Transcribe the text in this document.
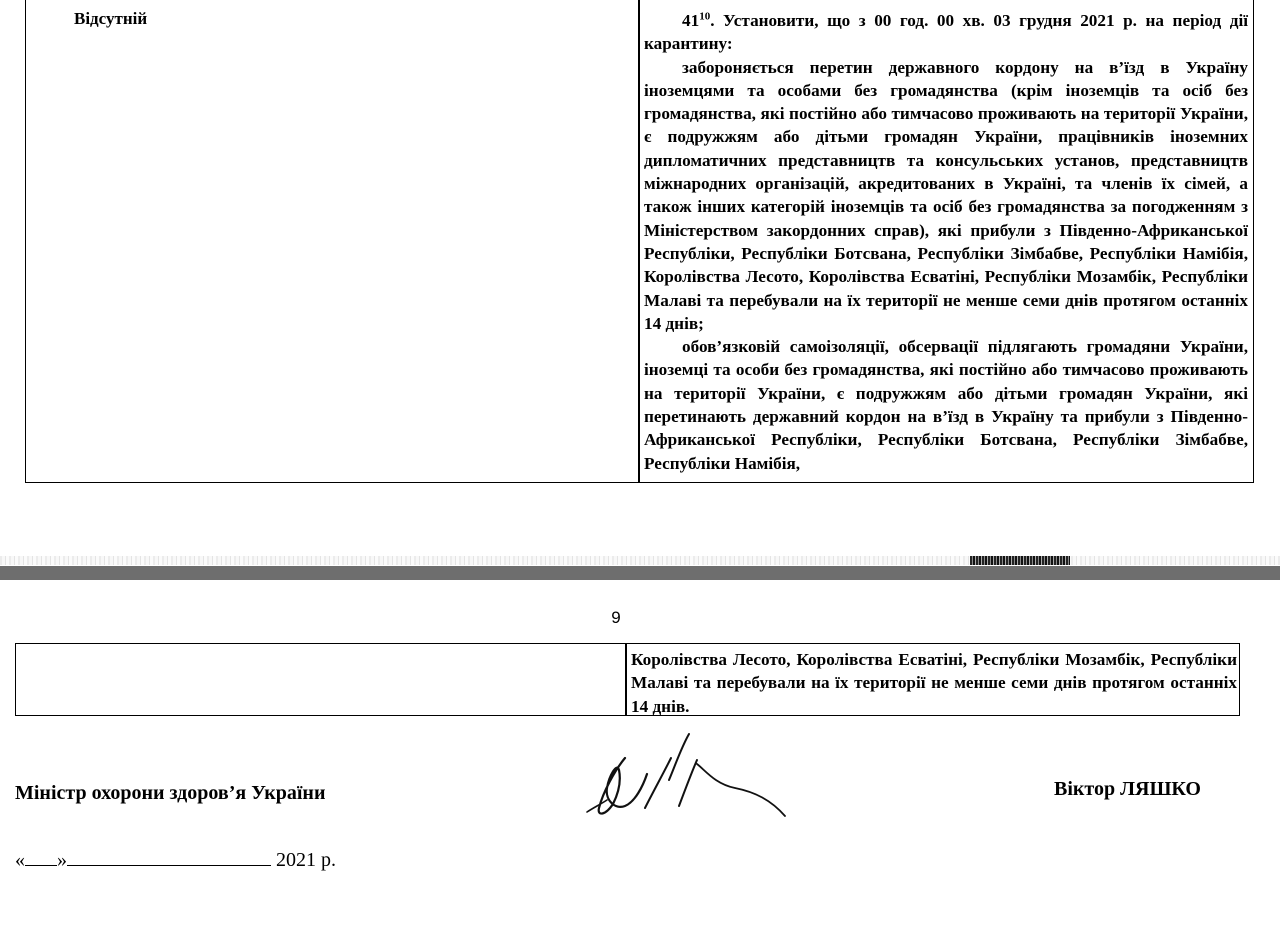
Відсутній	$41^{10}$. Установити, що з 00 год. 00 хв. 03 грудня 2021 р. на період дії карантину:

забороняється перетин державного кордону на в’їзд в Україну іноземцями та особами без громадянства (крім іноземців та осіб без громадянства, які постійно або тимчасово проживають на території України, є подружжям або дітьми громадян України, працівників іноземних дипломатичних представництв та консульських установ, представництв міжнародних організацій, акредитованих в Україні, та членів їх сімей, а також інших категорій іноземців та осіб без громадянства за погодженням з Міністерством закордонних справ), які прибули з Південно-Африканської Республіки, Республіки Ботсвана, Республіки Зімбабве, Республіки Намібія, Королівства Лесото, Королівства Есватіні, Республіки Мозамбік, Республіки Малаві та перебували на їх території не менше семи днів протягом останніх 14 днів;

обов’язковій самоізоляції, обсервації підлягають громадяни України, іноземці та особи без громадянства, які постійно або тимчасово проживають на території України, є подружжям або дітьми громадян України, які перетинають державний кордон на в’їзд в Україну та прибули з Південно-Африканської Республіки, Республіки Ботсвана, Республіки Зімбабве, Республіки Намібія,

9
Королівства Лесото, Королівства Есватіні, Республіки Мозамбік, Республіки Малаві та перебували на їх території не менше семи днів протягом останніх 14 днів.
Міністр охорони здоров’я України	Віктор ЛЯШКО
« »	2021 р.
